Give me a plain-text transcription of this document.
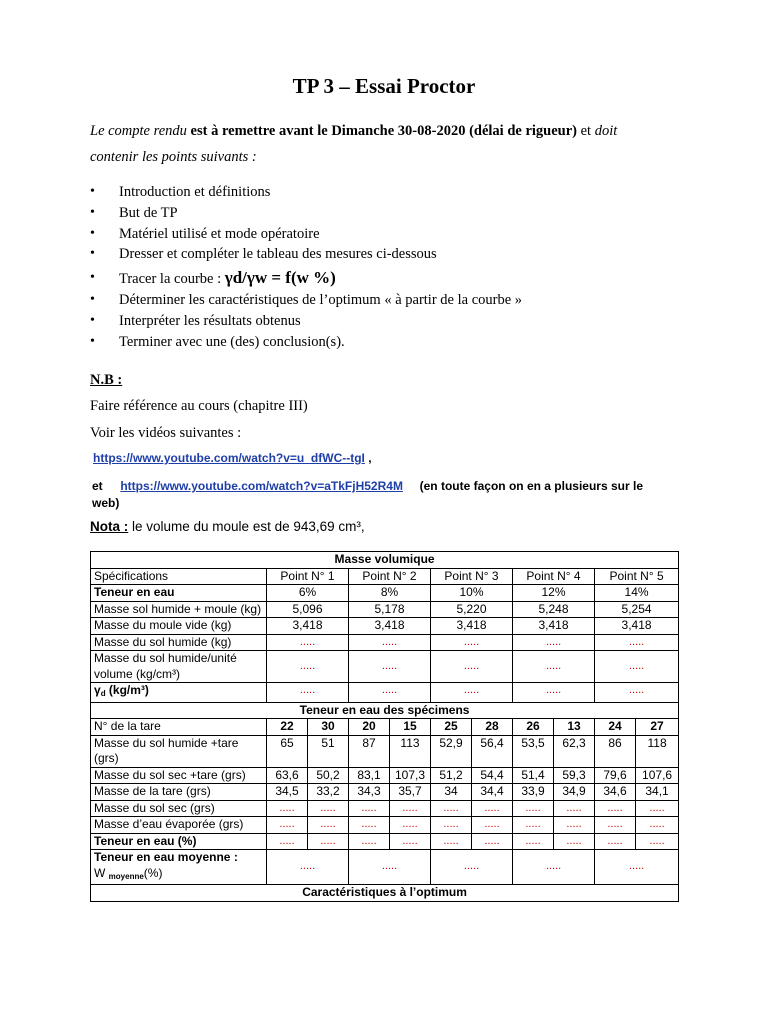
TP 3 – Essai Proctor
Le compte rendu est à remettre avant le Dimanche 30-08-2020 (délai de rigueur) et doit
contenir les points suivants :
• Introduction et définitions
• But de TP
• Matériel utilisé et mode opératoire
• Dresser et compléter le tableau des mesures ci-dessous
• Tracer la courbe : γd/γw = f(w %)
• Déterminer les caractéristiques de l’optimum « à partir de la courbe »
• Interpréter les résultats obtenus
• Terminer avec une (des) conclusion(s).
N.B :
Faire référence au cours (chapitre III)
Voir les vidéos suivantes :
https://www.youtube.com/watch?v=u_dfWC--tgI ,
et https://www.youtube.com/watch?v=aTkFjH52R4M (en toute façon on en a plusieurs sur le web)
Nota : le volume du moule est de 943,69 cm³,
Masse volumique										
Spécifications	Point N° 1		Point N° 2		Point N° 3		Point N° 4		Point N° 5	
Teneur en eau	6%		8%		10%		12%		14%	
Masse sol humide + moule (kg)	5,096		5,178		5,220		5,248		5,254	
Masse du moule vide (kg)	3,418		3,418		3,418		3,418		3,418	
Masse du sol humide (kg)	.....		.....		.....		.....		.....	
Masse du sol humide/unité volume (kg/cm³)	.....		.....		.....		.....		.....	
$\gamma_d$ (kg/m³)	.....		.....		.....		.....		.....	
Teneur en eau des spécimens										
N° de la tare	22	30	20	15	25	28	26	13	24	27
Masse du sol humide +tare (grs)	65	51	87	113	52,9	56,4	53,5	62,3	86	118
Masse du sol sec +tare (grs)	63,6	50,2	83,1	107,3	51,2	54,4	51,4	59,3	79,6	107,6
Masse de la tare (grs)	34,5	33,2	34,3	35,7	34	34,4	33,9	34,9	34,6	34,1
Masse du sol sec (grs)	.....	.....	.....	.....	.....	.....	.....	.....	.....	.....
Masse d’eau évaporée (grs)	.....	.....	.....	.....	.....	.....	.....	.....	.....	.....
Teneur en eau (%)	.....	.....	.....	.....	.....	.....	.....	.....	.....	.....
Teneur en eau moyenne :
W $_{moyenne}$(%)	.....		.....		.....		.....		.....	
Caractéristiques à l’optimum										
